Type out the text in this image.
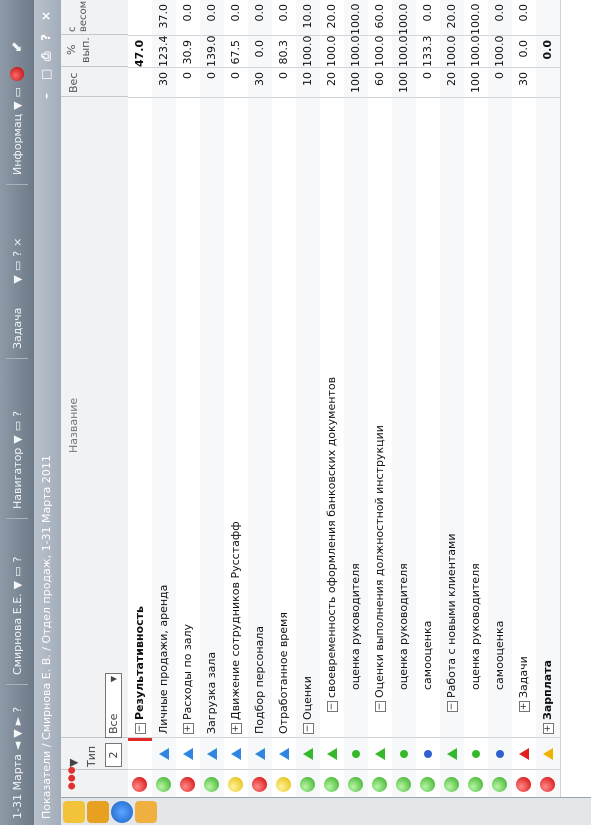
1-31 Марта
◄
▼
►
?
Смирнова Е.Е.
▼
▭
?
Навигатор
▼
▭
?
Задача
▼
▭
?
×
Информац
▼
▭
⬋
Показатели / Смирнова Е. В. / Отдел продаж, 1-31 Марта 2011
–
□
⎙
?
×
●●●
▼ Тип 2
Название
Все
▼
Вес
% вып.
с весом
−Результативность
47.0
Личные продажи, аренда
30
123.4
37.0
+Расходы по залу
0
30.9
0.0
Загрузка зала
0
139.0
0.0
+Движение сотрудников Русстафф
0
67.5
0.0
Подбор персонала
30
0.0
0.0
Отработанное время
0
80.3
0.0
−Оценки
10
100.0
10.0
−своевременность оформления банковских документов
20
100.0
20.0
оценка руководителя
100
100.0
100.0
−Оценки выполнения должностной инструкции
60
100.0
60.0
оценка руководителя
100
100.0
100.0
самооценка
0
133.3
0.0
−Работа с новыми клиентами
20
100.0
20.0
оценка руководителя
100
100.0
100.0
самооценка
0
100.0
0.0
+Задачи
30
0.0
0.0
+Зарплата
0.0
